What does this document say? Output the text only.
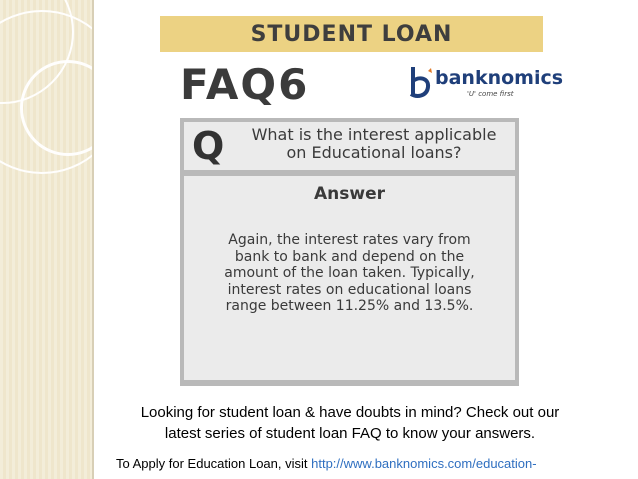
STUDENT LOAN
FAQ6	banknomics
'U' come first
Q	What is the interest applicable
on Educational loans?
Answer
Again, the interest rates vary from
bank to bank and depend on the
amount of the loan taken. Typically,
interest rates on educational loans
range between 11.25% and 13.5%.
Looking for student loan & have doubts in mind? Check out our
latest series of student loan FAQ to know your answers.
To Apply for Education Loan, visit http://www.banknomics.com/education-
